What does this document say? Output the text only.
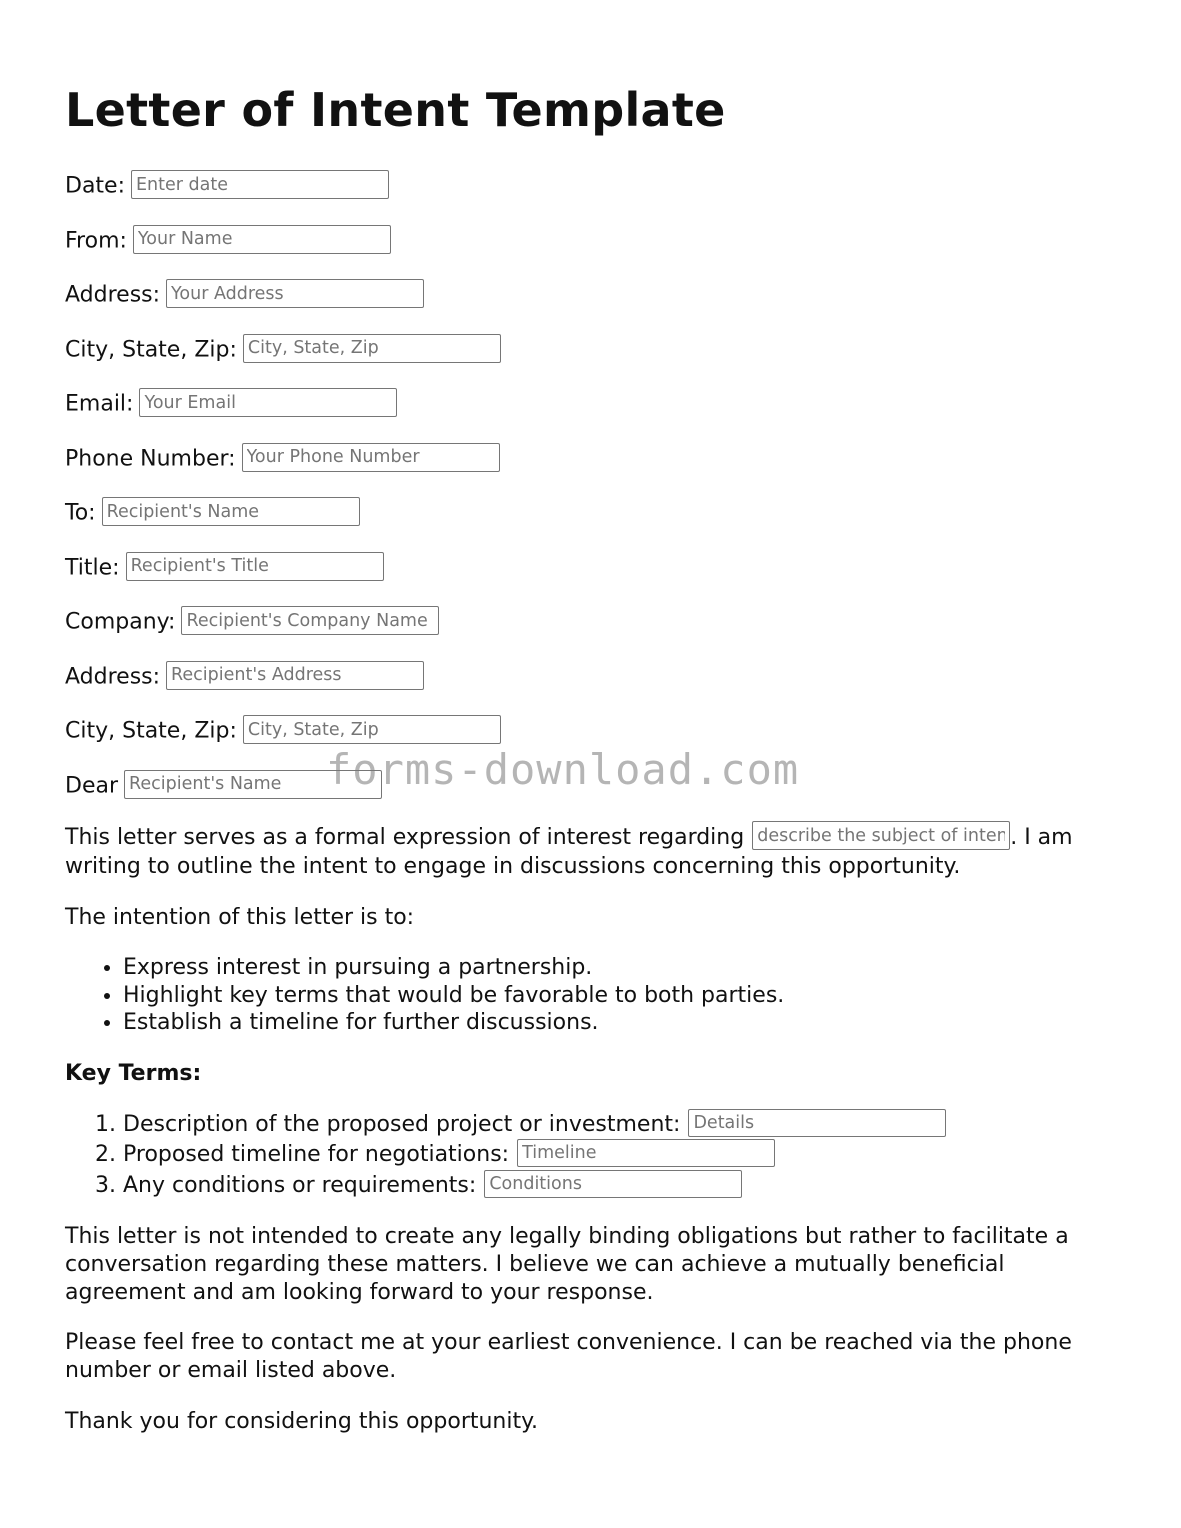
Letter of Intent Template
Date:Enter date
From:Your Name
Address:Your Address
City, State, Zip:City, State, Zip
Email:Your Email
Phone Number:Your Phone Number
To:Recipient's Name
Title:Recipient's Title
Company:Recipient's Company Name
Address:Recipient's Address
City, State, Zip:City, State, Zip
DearRecipient's Name

This letter serves as a formal expression of interest regardingdescribe the subject of intent	. I am writing to outline the intent to engage in discussions concerning this opportunity.

The intention of this letter is to:

• Express interest in pursuing a partnership.
• Highlight key terms that would be favorable to both parties.
• Establish a timeline for further discussions.

Key Terms:

1. Description of the proposed project or investment:Details
2. Proposed timeline for negotiations:Timeline
3. Any conditions or requirements:Conditions

This letter is not intended to create any legally binding obligations but rather to facilitate a conversation regarding these matters. I believe we can achieve a mutually beneficial agreement and am looking forward to your response.

Please feel free to contact me at your earliest convenience. I can be reached via the phone number or email listed above.

Thank you for considering this opportunity.

forms-download.com
